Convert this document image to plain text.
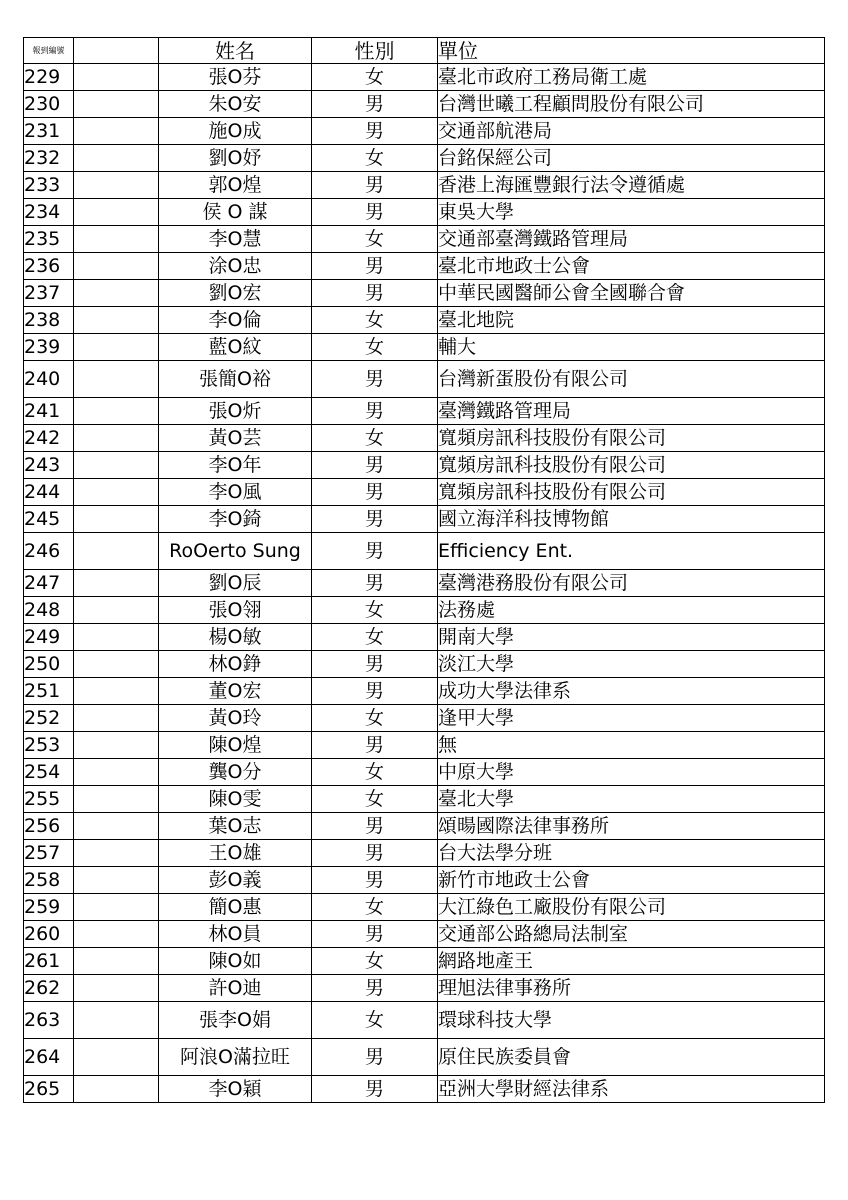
報到編號		姓名	性別	單位
229		張O芬	女	臺北市政府工務局衛工處
230		朱O安	男	台灣世曦工程顧問股份有限公司
231		施O成	男	交通部航港局
232		劉O妤	女	台銘保經公司
233		郭O煌	男	香港上海匯豐銀行法令遵循處
234		侯 O 謀	男	東吳大學
235		李O慧	女	交通部臺灣鐵路管理局
236		涂O忠	男	臺北市地政士公會
237		劉O宏	男	中華民國醫師公會全國聯合會
238		李O倫	女	臺北地院
239		藍O紋	女	輔大
240		張簡O裕	男	台灣新蛋股份有限公司
241		張O炘	男	臺灣鐵路管理局
242		黃O芸	女	寬頻房訊科技股份有限公司
243		李O年	男	寬頻房訊科技股份有限公司
244		李O風	男	寬頻房訊科技股份有限公司
245		李O錡	男	國立海洋科技博物館
246		RoOerto Sung	男	Efficiency Ent.
247		劉O辰	男	臺灣港務股份有限公司
248		張O翎	女	法務處
249		楊O敏	女	開南大學
250		林O錚	男	淡江大學
251		董O宏	男	成功大學法律系
252		黃O玲	女	逢甲大學
253		陳O煌	男	無
254		龔O分	女	中原大學
255		陳O雯	女	臺北大學
256		葉O志	男	頌暘國際法律事務所
257		王O雄	男	台大法學分班
258		彭O義	男	新竹市地政士公會
259		簡O惠	女	大江綠色工廠股份有限公司
260		林O員	男	交通部公路總局法制室
261		陳O如	女	網路地產王
262		許O迪	男	理旭法律事務所
263		張李O娟	女	環球科技大學
264		阿浪O滿拉旺	男	原住民族委員會
265		李O穎	男	亞洲大學財經法律系
